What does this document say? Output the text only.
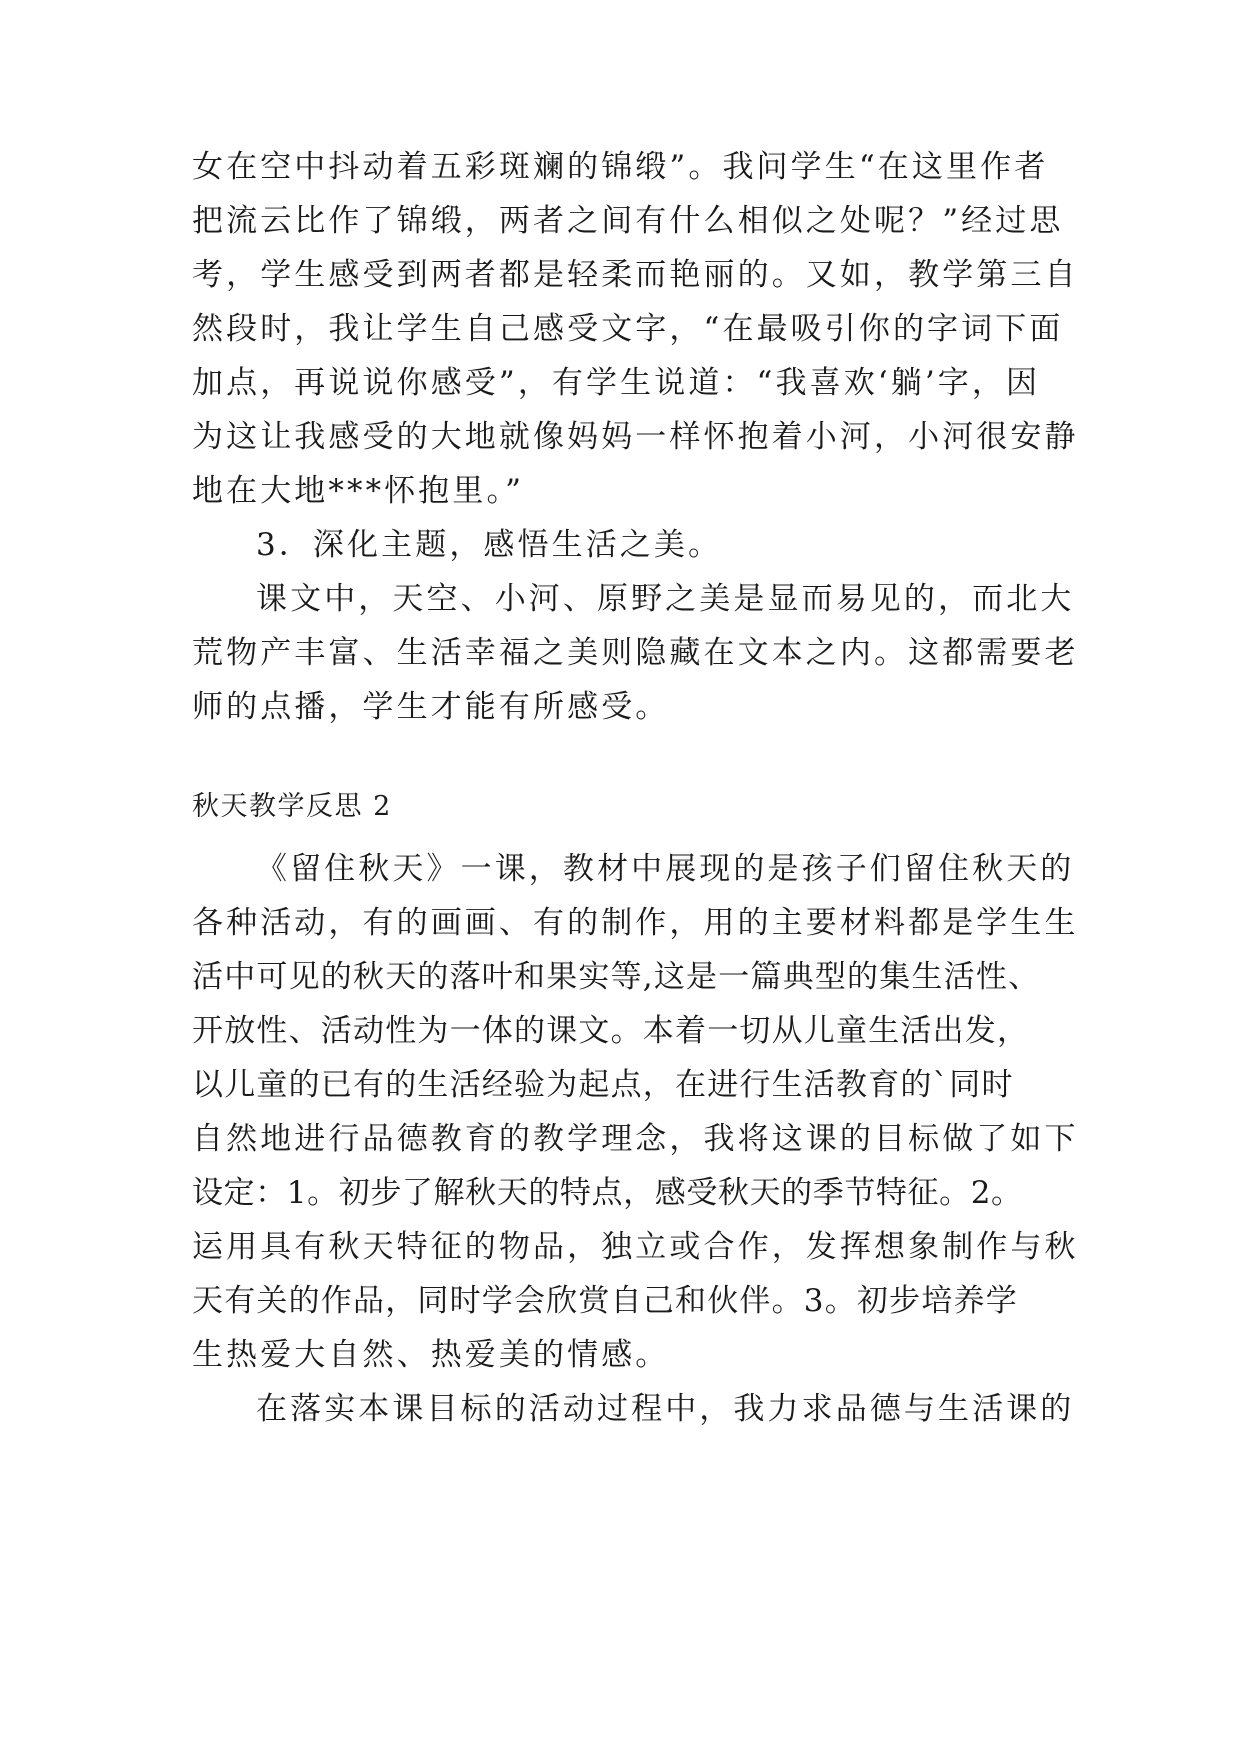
女在空中抖动着五彩斑斓的锦缎”。我问学生“在这里作者
把流云比作了锦缎，两者之间有什么相似之处呢？”经过思
考，学生感受到两者都是轻柔而艳丽的。又如，教学第三自
然段时，我让学生自己感受文字，“在最吸引你的字词下面
加点，再说说你感受”，有学生说道：“我喜欢‘躺’字，因
为这让我感受的大地就像妈妈一样怀抱着小河，小河很安静
地在大地***怀抱里。”
3．深化主题，感悟生活之美。
课文中，天空、小河、原野之美是显而易见的，而北大
荒物产丰富、生活幸福之美则隐藏在文本之内。这都需要老
师的点播，学生才能有所感受。
秋天教学反思 2
《留住秋天》一课，教材中展现的是孩子们留住秋天的
各种活动，有的画画、有的制作，用的主要材料都是学生生
活中可见的秋天的落叶和果实等,这是一篇典型的集生活性、
开放性、活动性为一体的课文。本着一切从儿童生活出发，
以儿童的已有的生活经验为起点，在进行生活教育的`同时
自然地进行品德教育的教学理念，我将这课的目标做了如下
设定：1。初步了解秋天的特点，感受秋天的季节特征。2。
运用具有秋天特征的物品，独立或合作，发挥想象制作与秋
天有关的作品，同时学会欣赏自己和伙伴。3。初步培养学
生热爱大自然、热爱美的情感。
在落实本课目标的活动过程中，我力求品德与生活课的
